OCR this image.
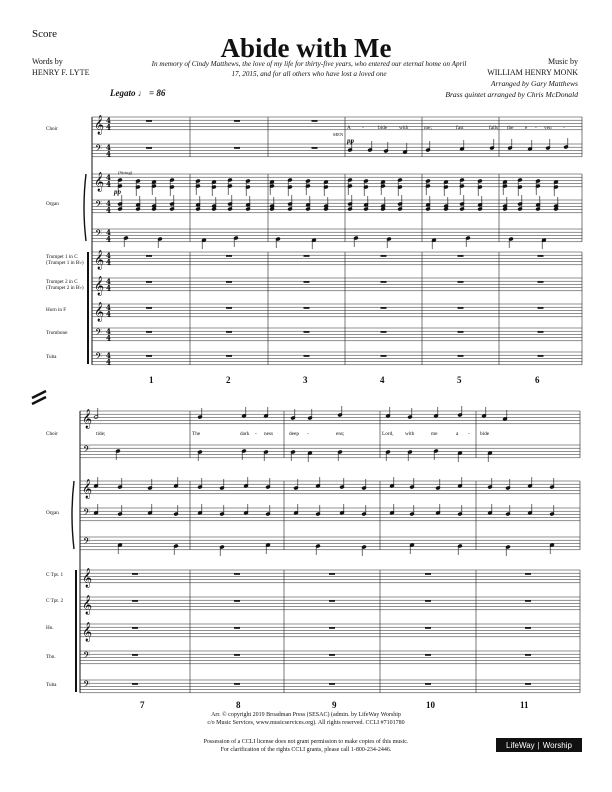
Score	Abide with Me
Words by
HENRY F. LYTE
In memory of Cindy Matthews, the love of my life for thirty-five years, who entered our eternal home on April 17, 2015, and for all others who have lost a loved one
Music by
WILLIAM HENRY MONK
Arranged by Gary Matthews
Brass quintet arranged by Chris McDonald
Legato ♩ = 86
𝄞
𝄢
4
4
4
4
𝄞 4
4
𝄢 4
4
𝄢 4
4
𝄞 4
4
𝄞 4
4
𝄞 4
4
𝄢 4
4
𝄢 4
4
𝄞
𝄢
𝄞
𝄢
𝄢
𝄞
𝄞
𝄞
𝄢
𝄢
Choir
Organ
Trumpet 1 in C (Trumpet 1 in B♭)
Trumpet 2 in C (Trumpet 2 in B♭)
Horn in F
Trombone
Tuba
MEN
pp
(String)
pp
A -	bide with	me;	fast	falls the e - ven -
1	2	3	4	5	6
Choir
Organ
C Tpt. 1
C Tpt. 2
Hn.
Tbn.
Tuba
tide;	The	dark - ness	deep -	ens;	Lord, with	me	a - bide
7	8	9	10	11
Arr. © copyright 2019 Broadman Press (SESAC) (admin. by LifeWay Worship
c/o Music Services, www.musicservices.org). All rights reserved. CCLI #7101780
Possession of a CCLI license does not grant permission to make copies of this music.
For clarification of the rights CCLI grants, please call 1-800-234-2446.
LifeWay | Worship
